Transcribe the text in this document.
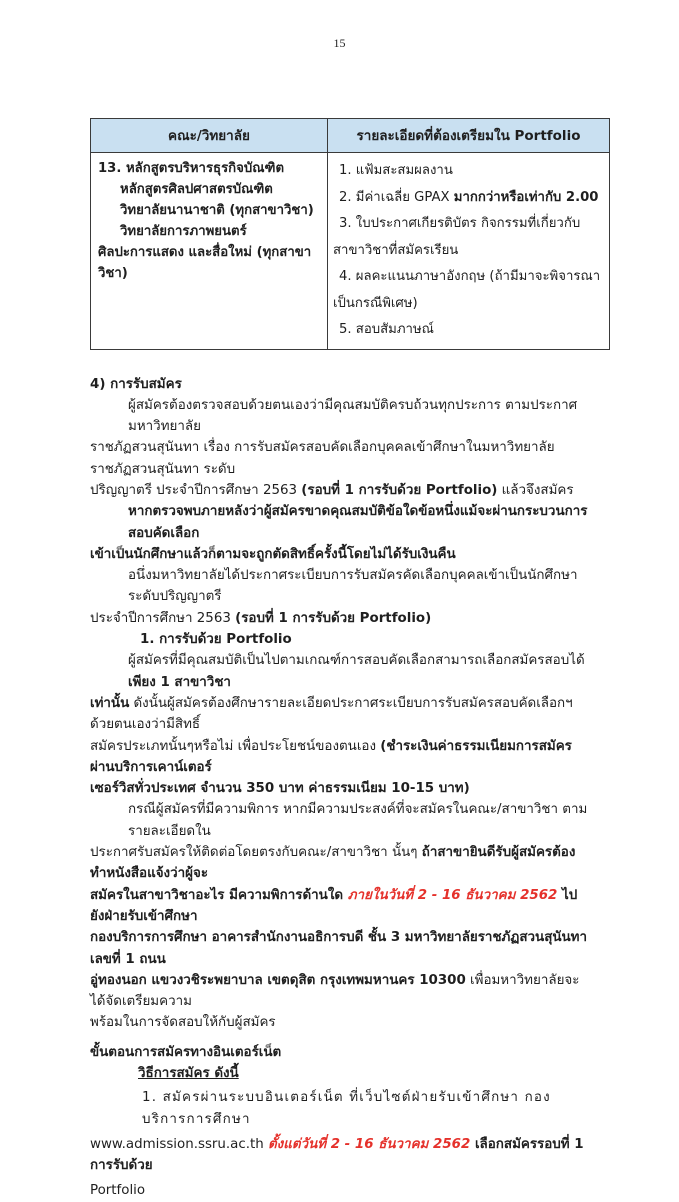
15
คณะ/วิทยาลัย	รายละเอียดที่ต้องเตรียมใน Portfolio

13. หลักสูตรบริหารธุรกิจบัณฑิต
หลักสูตรศิลปศาสตรบัณฑิต
วิทยาลัยนานาชาติ (ทุกสาขาวิชา)
วิทยาลัยการภาพยนตร์
ศิลปะการแสดง และสื่อใหม่ (ทุกสาขาวิชา)

1. แฟ้มสะสมผลงาน
2. มีค่าเฉลี่ย GPAX มากกว่าหรือเท่ากับ 2.00
3. ใบประกาศเกียรติบัตร กิจกรรมที่เกี่ยวกับสาขาวิชาที่สมัครเรียน
4. ผลคะแนนภาษาอังกฤษ (ถ้ามีมาจะพิจารณาเป็นกรณีพิเศษ)
5. สอบสัมภาษณ์
4) การรับสมัคร
ผู้สมัครต้องตรวจสอบด้วยตนเองว่ามีคุณสมบัติครบถ้วนทุกประการ ตามประกาศมหาวิทยาลัย
ราชภัฏสวนสุนันทา เรื่อง การรับสมัครสอบคัดเลือกบุคคลเข้าศึกษาในมหาวิทยาลัยราชภัฏสวนสุนันทา ระดับ
ปริญญาตรี ประจำปีการศึกษา 2563 (รอบที่ 1 การรับด้วย Portfolio) แล้วจึงสมัคร
หากตรวจพบภายหลังว่าผู้สมัครขาดคุณสมบัติข้อใดข้อหนึ่งแม้จะผ่านกระบวนการสอบคัดเลือก
เข้าเป็นนักศึกษาแล้วก็ตามจะถูกตัดสิทธิ์ครั้งนี้โดยไม่ได้รับเงินคืน
อนึ่งมหาวิทยาลัยได้ประกาศระเบียบการรับสมัครคัดเลือกบุคคลเข้าเป็นนักศึกษาระดับปริญญาตรี
ประจำปีการศึกษา 2563 (รอบที่ 1 การรับด้วย Portfolio)
1. การรับด้วย Portfolio
ผู้สมัครที่มีคุณสมบัติเป็นไปตามเกณฑ์การสอบคัดเลือกสามารถเลือกสมัครสอบได้เพียง 1 สาขาวิชา
เท่านั้น ดังนั้นผู้สมัครต้องศึกษารายละเอียดประกาศระเบียบการรับสมัครสอบคัดเลือกฯ ด้วยตนเองว่ามีสิทธิ์
สมัครประเภทนั้นๆหรือไม่ เพื่อประโยชน์ของตนเอง (ชำระเงินค่าธรรมเนียมการสมัครผ่านบริการเคาน์เตอร์
เซอร์วิสทั่วประเทศ จำนวน 350 บาท ค่าธรรมเนียม 10-15 บาท)
กรณีผู้สมัครที่มีความพิการ หากมีความประสงค์ที่จะสมัครในคณะ/สาขาวิชา ตามรายละเอียดใน
ประกาศรับสมัครให้ติดต่อโดยตรงกับคณะ/สาขาวิชา นั้นๆ ถ้าสาขายินดีรับผู้สมัครต้องทำหนังสือแจ้งว่าผู้จะ
สมัครในสาขาวิชาอะไร มีความพิการด้านใด ภายในวันที่ 2 - 16 ธันวาคม 2562 ไปยังฝ่ายรับเข้าศึกษา
กองบริการการศึกษา อาคารสำนักงานอธิการบดี ชั้น 3 มหาวิทยาลัยราชภัฏสวนสุนันทา เลขที่ 1 ถนน
อู่ทองนอก แขวงวชิระพยาบาล เขตดุสิต กรุงเทพมหานคร 10300 เพื่อมหาวิทยาลัยจะได้จัดเตรียมความ
พร้อมในการจัดสอบให้กับผู้สมัคร
ขั้นตอนการสมัครทางอินเตอร์เน็ต
วิธีการสมัคร ดังนี้
1. สมัครผ่านระบบอินเตอร์เน็ต ที่เว็บไซต์ฝ่ายรับเข้าศึกษา กองบริการการศึกษา
www.admission.ssru.ac.th ตั้งแต่วันที่ 2 - 16 ธันวาคม 2562 เลือกสมัครรอบที่ 1 การรับด้วย
Portfolio
